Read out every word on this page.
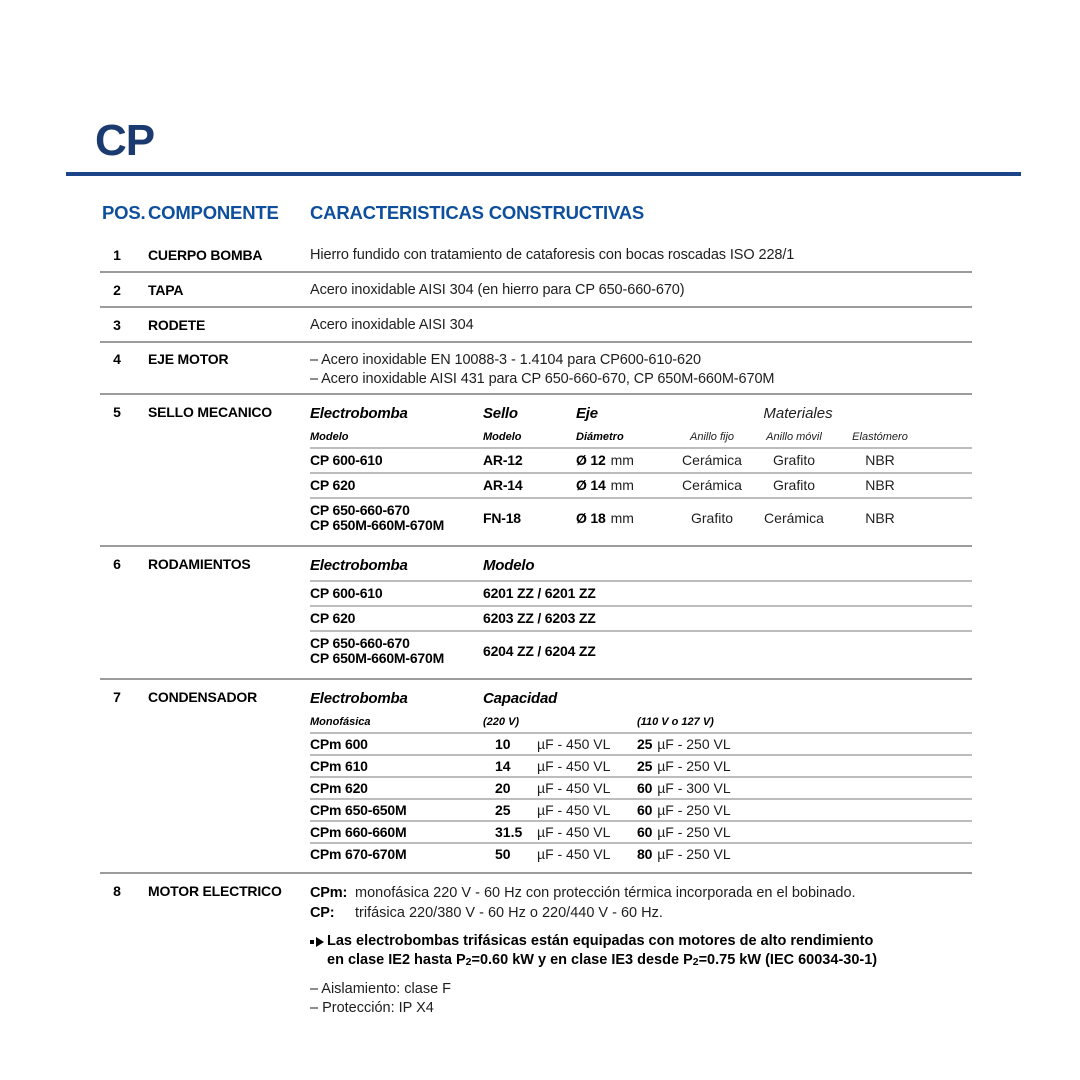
CP
POS. COMPONENTE	CARACTERISTICAS CONSTRUCTIVAS
1	CUERPO BOMBA	Hierro fundido con tratamiento de cataforesis con bocas roscadas ISO 228/1
2	TAPA	Acero inoxidable AISI 304 (en hierro para CP 650-660-670)
3	RODETE	Acero inoxidable AISI 304
4	EJE MOTOR	– Acero inoxidable EN 10088-3 - 1.4104 para CP600-610-620
– Acero inoxidable AISI 431 para CP 650-660-670, CP 650M-660M-670M
5	SELLO MECANICO	Electrobomba	Sello	Eje	Materiales
Modelo	Modelo	Diámetro	Anillo fijo	Anillo móvil	Elastómero
CP 600-610	AR-12	Ø 12 mm	Cerámica	Grafito	NBR
CP 620	AR-14	Ø 14 mm	Cerámica	Grafito	NBR
CP 650-660-670
CP 650M-660M-670M	FN-18	Ø 18 mm	Grafito	Cerámica	NBR
6	RODAMIENTOS	Electrobomba	Modelo
CP 600-610	6201 ZZ / 6201 ZZ
CP 620	6203 ZZ / 6203 ZZ
CP 650-660-670
CP 650M-660M-670M	6204 ZZ / 6204 ZZ
7	CONDENSADOR	Electrobomba	Capacidad
Monofásica	(220 V)	(110 V o 127 V)
CPm 600	10 µF - 450 VL	25 µF - 250 VL
CPm 610	14 µF - 450 VL	25 µF - 250 VL
CPm 620	20 µF - 450 VL	60 µF - 300 VL
CPm 650-650M	25 µF - 450 VL	60 µF - 250 VL
CPm 660-660M	31.5 µF - 450 VL	60 µF - 250 VL
CPm 670-670M	50 µF - 450 VL	80 µF - 250 VL
8	MOTOR ELECTRICO	CPm: monofásica 220 V - 60 Hz con protección térmica incorporada en el bobinado.
CP:	trifásica 220/380 V - 60 Hz o 220/440 V - 60 Hz.
Las electrobombas trifásicas están equipadas con motores de alto rendimiento
en clase IE2 hasta P2=0.60 kW y en clase IE3 desde P2=0.75 kW (IEC 60034-30-1)
– Aislamiento: clase F
– Protección: IP X4
